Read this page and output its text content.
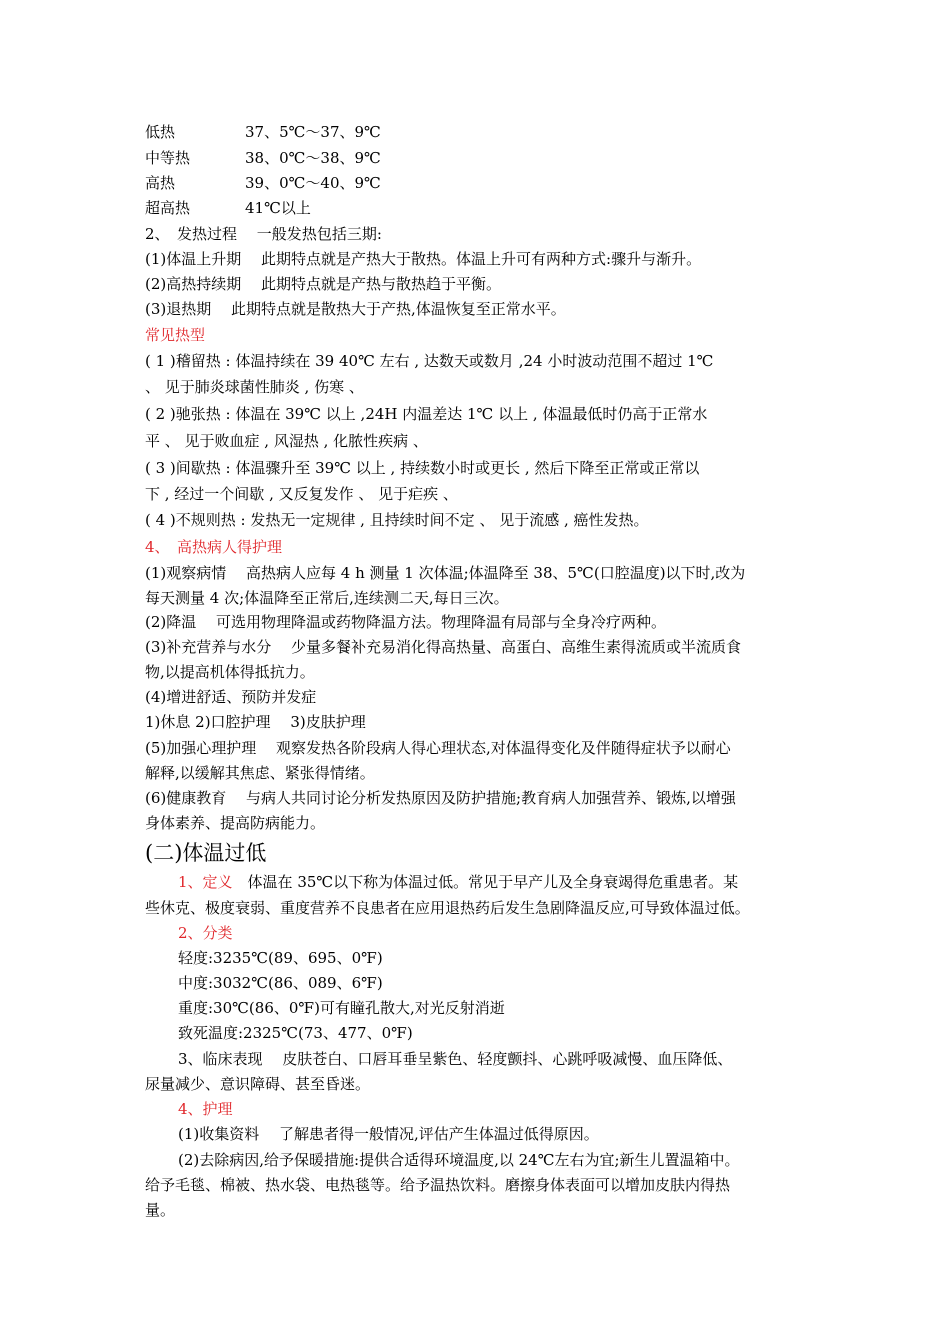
低热	37、5℃～37、9℃
中等热	38、0℃～38、9℃
高热	39、0℃～40、9℃
超高热	41℃以上
2、　发热过程　 一般发热包括三期:
(1)体温上升期　 此期特点就是产热大于散热。体温上升可有两种方式:骤升与渐升。
(2)高热持续期　 此期特点就是产热与散热趋于平衡。
(3)退热期　 此期特点就是散热大于产热,体温恢复至正常水平。
常见热型
( 1 )稽留热 : 体温持续在 39 40℃ 左右 , 达数天或数月 ,24 小时波动范围不超过 1℃
、 见于肺炎球菌性肺炎 , 伤寒 、
( 2 )驰张热 : 体温在 39℃ 以上 ,24H 内温差达 1℃ 以上 , 体温最低时仍高于正常水
平 、 见于败血症 , 风湿热 , 化脓性疾病 、
( 3 )间歇热 : 体温骤升至 39℃ 以上 , 持续数小时或更长 , 然后下降至正常或正常以
下 , 经过一个间歇 , 又反复发作 、 见于疟疾 、
( 4 )不规则热 : 发热无一定规律 , 且持续时间不定 、 见于流感 , 癌性发热。
4、　高热病人得护理
(1)观察病情　 高热病人应每 4 h 测量 1 次体温;体温降至 38、5℃(口腔温度)以下时,改为
每天测量 4 次;体温降至正常后,连续测二天,每日三次。
(2)降温　 可选用物理降温或药物降温方法。物理降温有局部与全身冷疗两种。
(3)补充营养与水分　 少量多餐补充易消化得高热量、高蛋白、高维生素得流质或半流质食
物,以提高机体得抵抗力。
(4)增进舒适、预防并发症
1)休息 2)口腔护理　 3)皮肤护理
(5)加强心理护理　 观察发热各阶段病人得心理状态,对体温得变化及伴随得症状予以耐心
解释,以缓解其焦虑、紧张得情绪。
(6)健康教育　 与病人共同讨论分析发热原因及防护措施;教育病人加强营养、锻炼,以增强
身体素养、提高防病能力。
(二)体温过低
1、定义　体温在 35℃以下称为体温过低。常见于早产儿及全身衰竭得危重患者。某
些休克、极度衰弱、重度营养不良患者在应用退热药后发生急剧降温反应,可导致体温过低。
2、分类
轻度:3235℃(89、695、0℉)
中度:3032℃(86、089、6℉)
重度:30℃(86、0℉)可有瞳孔散大,对光反射消逝
致死温度:2325℃(73、477、0℉)
3、临床表现　 皮肤苍白、口唇耳垂呈紫色、轻度颤抖、心跳呼吸减慢、血压降低、
尿量减少、意识障碍、甚至昏迷。
4、护理
(1)收集资料　 了解患者得一般情况,评估产生体温过低得原因。
(2)去除病因,给予保暖措施:提供合适得环境温度,以 24℃左右为宜;新生儿置温箱中。
给予毛毯、棉被、热水袋、电热毯等。给予温热饮料。磨擦身体表面可以增加皮肤内得热
量。
